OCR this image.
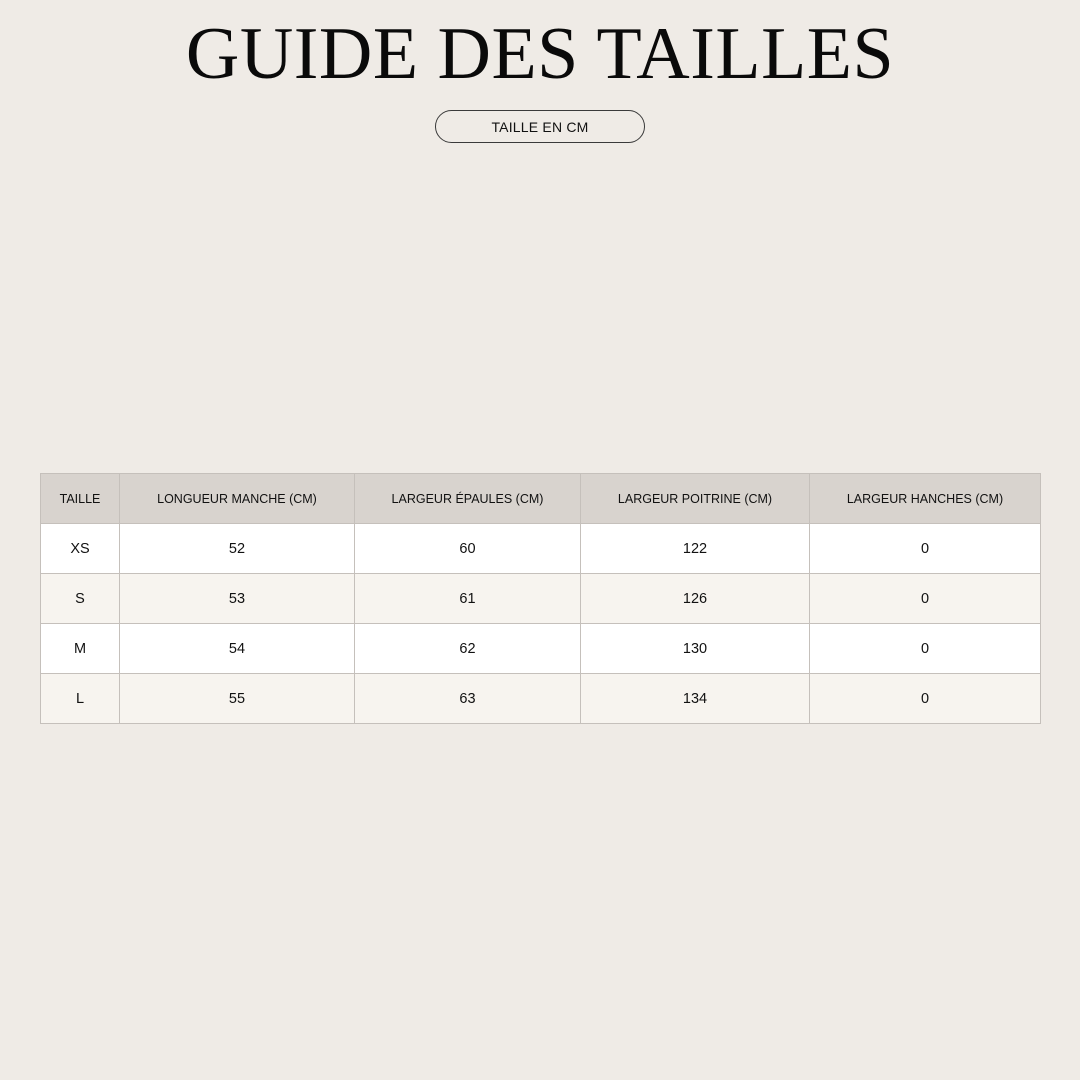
GUIDE DES TAILLES
TAILLE EN CM
TAILLE	LONGUEUR MANCHE (CM)	LARGEUR ÉPAULES (CM)	LARGEUR POITRINE (CM)	LARGEUR HANCHES (CM)
XS	52	60	122	0
S	53	61	126	0
M	54	62	130	0
L	55	63	134	0
